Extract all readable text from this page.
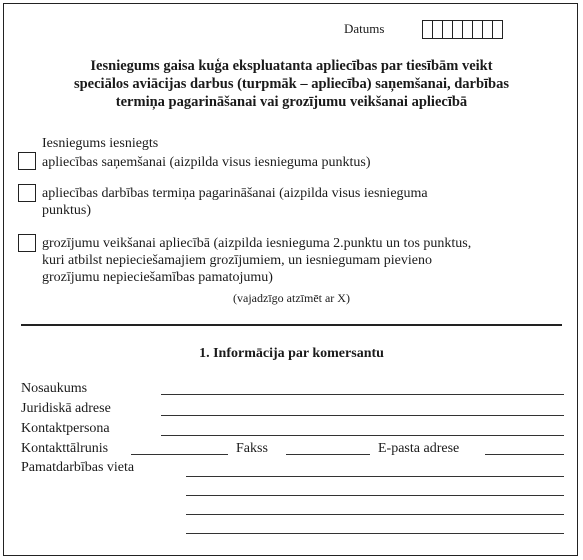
Datums
Iesniegums gaisa kuģa ekspluatanta apliecības par tiesībām veikt
speciālos aviācijas darbus (turpmāk – apliecība) saņemšanai, darbības
termiņa pagarināšanai vai grozījumu veikšanai apliecībā
Iesniegums iesniegts
apliecības saņemšanai (aizpilda visus iesnieguma punktus)
apliecības darbības termiņa pagarināšanai (aizpilda visus iesnieguma
punktus)
grozījumu veikšanai apliecībā (aizpilda iesnieguma 2.punktu un tos punktus,
kuri atbilst nepieciešamajiem grozījumiem, un iesniegumam pievieno
grozījumu nepieciešamības pamatojumu)
(vajadzīgo atzīmēt ar X)
1. Informācija par komersantu
Nosaukums
Juridiskā adrese
Kontaktpersona
Kontakttālrunis	Fakss	E-pasta adrese
Pamatdarbības vieta
